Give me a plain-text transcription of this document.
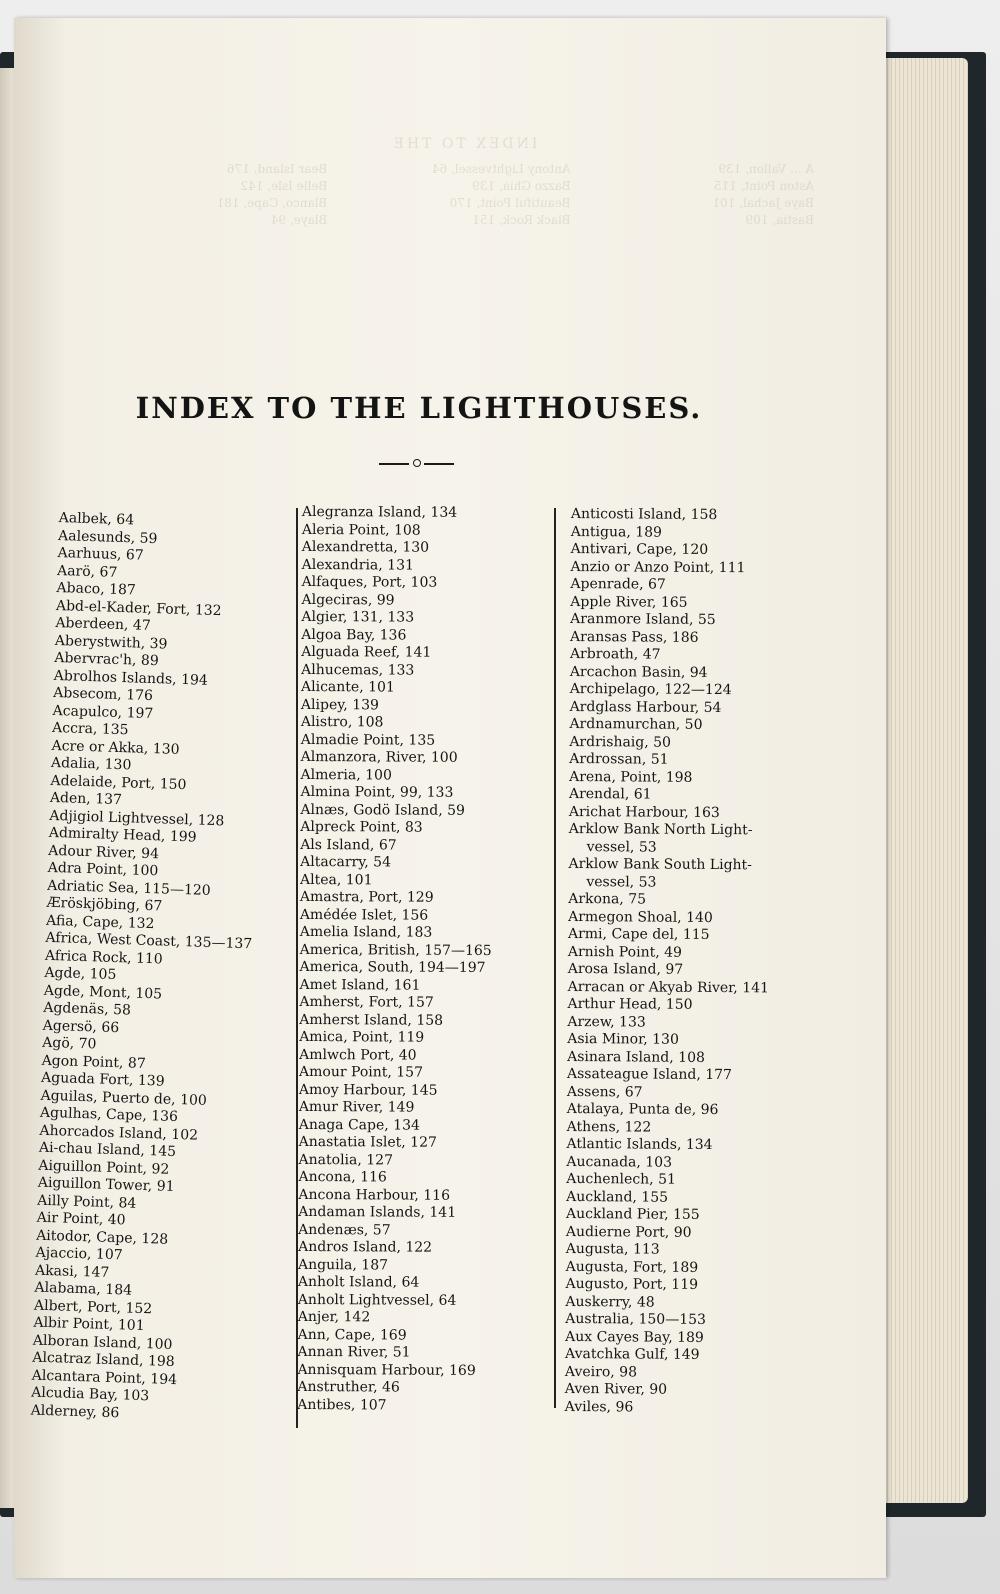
INDEX TO THE
A ... Vallon, 139
Aston Point, 115
Baye Jachal, 101
Bastia, 109
Antony Lightvessel, 64
Bazzo Ghia, 139
Beautiful Point, 170
Black Rock, 151
Bear Island, 176
Belle Isle, 142
Blanco, Cape, 181
Blaye, 94
INDEX TO THE LIGHTHOUSES.
Aalbek, 64
Aalesunds, 59
Aarhuus, 67
Aarö, 67
Abaco, 187
Abd-el-Kader, Fort, 132
Aberdeen, 47
Aberystwith, 39
Abervrac'h, 89
Abrolhos Islands, 194
Absecom, 176
Acapulco, 197
Accra, 135
Acre or Akka, 130
Adalia, 130
Adelaide, Port, 150
Aden, 137
Adjigiol Lightvessel, 128
Admiralty Head, 199
Adour River, 94
Adra Point, 100
Adriatic Sea, 115—120
Æröskjöbing, 67
Afia, Cape, 132
Africa, West Coast, 135—137
Africa Rock, 110
Agde, 105
Agde, Mont, 105
Agdenäs, 58
Agersö, 66
Agö, 70
Agon Point, 87
Aguada Fort, 139
Aguilas, Puerto de, 100
Agulhas, Cape, 136
Ahorcados Island, 102
Ai-chau Island, 145
Aiguillon Point, 92
Aiguillon Tower, 91
Ailly Point, 84
Air Point, 40
Aitodor, Cape, 128
Ajaccio, 107
Akasi, 147
Alabama, 184
Albert, Port, 152
Albir Point, 101
Alboran Island, 100
Alcatraz Island, 198
Alcantara Point, 194
Alcudia Bay, 103
Alderney, 86
Alegranza Island, 134
Aleria Point, 108
Alexandretta, 130
Alexandria, 131
Alfaques, Port, 103
Algeciras, 99
Algier, 131, 133
Algoa Bay, 136
Alguada Reef, 141
Alhucemas, 133
Alicante, 101
Alipey, 139
Alistro, 108
Almadie Point, 135
Almanzora, River, 100
Almeria, 100
Almina Point, 99, 133
Alnæs, Godö Island, 59
Alpreck Point, 83
Als Island, 67
Altacarry, 54
Altea, 101
Amastra, Port, 129
Amédée Islet, 156
Amelia Island, 183
America, British, 157—165
America, South, 194—197
Amet Island, 161
Amherst, Fort, 157
Amherst Island, 158
Amica, Point, 119
Amlwch Port, 40
Amour Point, 157
Amoy Harbour, 145
Amur River, 149
Anaga Cape, 134
Anastatia Islet, 127
Anatolia, 127
Ancona, 116
Ancona Harbour, 116
Andaman Islands, 141
Andenæs, 57
Andros Island, 122
Anguila, 187
Anholt Island, 64
Anholt Lightvessel, 64
Anjer, 142
Ann, Cape, 169
Annan River, 51
Annisquam Harbour, 169
Anstruther, 46
Antibes, 107
Anticosti Island, 158
Antigua, 189
Antivari, Cape, 120
Anzio or Anzo Point, 111
Apenrade, 67
Apple River, 165
Aranmore Island, 55
Aransas Pass, 186
Arbroath, 47
Arcachon Basin, 94
Archipelago, 122—124
Ardglass Harbour, 54
Ardnamurchan, 50
Ardrishaig, 50
Ardrossan, 51
Arena, Point, 198
Arendal, 61
Arichat Harbour, 163
Arklow Bank North Light-
vessel, 53
Arklow Bank South Light-
vessel, 53
Arkona, 75
Armegon Shoal, 140
Armi, Cape del, 115
Arnish Point, 49
Arosa Island, 97
Arracan or Akyab River, 141
Arthur Head, 150
Arzew, 133
Asia Minor, 130
Asinara Island, 108
Assateague Island, 177
Assens, 67
Atalaya, Punta de, 96
Athens, 122
Atlantic Islands, 134
Aucanada, 103
Auchenlech, 51
Auckland, 155
Auckland Pier, 155
Audierne Port, 90
Augusta, 113
Augusta, Fort, 189
Augusto, Port, 119
Auskerry, 48
Australia, 150—153
Aux Cayes Bay, 189
Avatchka Gulf, 149
Aveiro, 98
Aven River, 90
Aviles, 96
